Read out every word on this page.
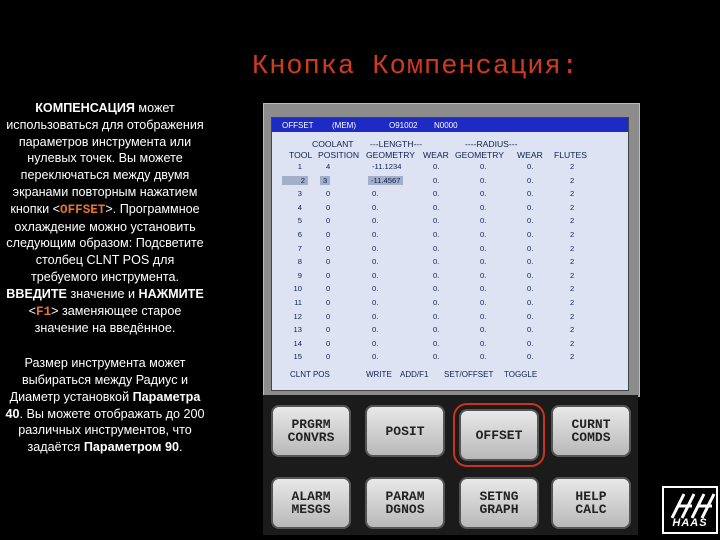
Кнопка Компенсация:

КОМПЕНСАЦИЯ может использоваться для отображения параметров инструмента или нулевых точек. Вы можете переключаться между двумя экранами повторным нажатием кнопки <OFFSET>. Программное охлаждение можно установить следующим образом: Подсветите столбец CLNT POS для требуемого инструмента. ВВЕДИТЕ значение и НАЖМИТЕ <F1> заменяющее старое значение на введённое.

Размер инструмента может выбираться между Радиус и Диаметр установкой Параметра 40. Вы можете отображать до 200 различных инструментов, что задаётся Параметром 90.

OFFSET (MEM)	O91002 N0000
COOLANT ---LENGTH---	----RADIUS---
TOOL POSITION GEOMETRY WEAR GEOMETRY WEAR FLUTES
1	4	-11.1234	0.	0.	0.	2
2	3	-11.4567	0.	0.	0.	2
3	0	0.	0.	0.	0.	2
4	0	0.	0.	0.	0.	2
5	0	0.	0.	0.	0.	2
6	0	0.	0.	0.	0.	2
7	0	0.	0.	0.	0.	2
8	0	0.	0.	0.	0.	2
9	0	0.	0.	0.	0.	2
10	0	0.	0.	0.	0.	2
11	0	0.	0.	0.	0.	2
12	0	0.	0.	0.	0.	2
13	0	0.	0.	0.	0.	2
14	0	0.	0.	0.	0.	2
15	0	0.	0.	0.	0.	2
CLNT POS	WRITE ADD/F1 SET/OFFSET TOGGLE
PRGRM
CONVRS	POSIT	OFFSET
CURNT
COMDS
ALARM
MESGS
PARAM
DGNOS
SETNG
GRAPH
HELP
CALC
HAAS
